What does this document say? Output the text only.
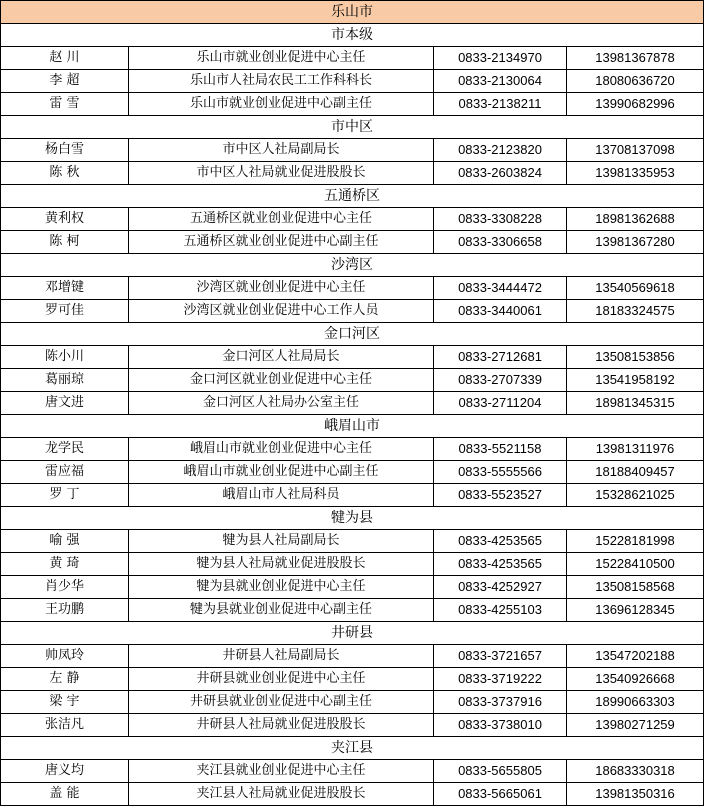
乐山市			
市本级			
赵 川	乐山市就业创业促进中心主任	0833-2134970	13981367878
李 超	乐山市人社局农民工工作科科长	0833-2130064	18080636720
雷 雪	乐山市就业创业促进中心副主任	0833-2138211	13990682996
市中区			
杨白雪	市中区人社局副局长	0833-2123820	13708137098
陈 秋	市中区人社局就业促进股股长	0833-2603824	13981335953
五通桥区			
黄利权	五通桥区就业创业促进中心主任	0833-3308228	18981362688
陈 柯	五通桥区就业创业促进中心副主任	0833-3306658	13981367280
沙湾区			
邓增键	沙湾区就业创业促进中心主任	0833-3444472	13540569618
罗可佳	沙湾区就业创业促进中心工作人员	0833-3440061	18183324575
金口河区			
陈小川	金口河区人社局局长	0833-2712681	13508153856
葛丽琼	金口河区就业创业促进中心主任	0833-2707339	13541958192
唐文进	金口河区人社局办公室主任	0833-2711204	18981345315
峨眉山市			
龙学民	峨眉山市就业创业促进中心主任	0833-5521158	13981311976
雷应福	峨眉山市就业创业促进中心副主任	0833-5555566	18188409457
罗 丁	峨眉山市人社局科员	0833-5523527	15328621025
犍为县			
喻 强	犍为县人社局副局长	0833-4253565	15228181998
黄 琦	犍为县人社局就业促进股股长	0833-4253565	15228410500
肖少华	犍为县就业创业促进中心主任	0833-4252927	13508158568
王功鹏	犍为县就业创业促进中心副主任	0833-4255103	13696128345
井研县			
帅凤玲	井研县人社局副局长	0833-3721657	13547202188
左 静	井研县就业创业促进中心主任	0833-3719222	13540926668
梁 宇	井研县就业创业促进中心副主任	0833-3737916	18990663303
张洁凡	井研县人社局就业促进股股长	0833-3738010	13980271259
夹江县			
唐义均	夹江县就业创业促进中心主任	0833-5655805	18683330318
盖 能	夹江县人社局就业促进股股长	0833-5665061	13981350316
